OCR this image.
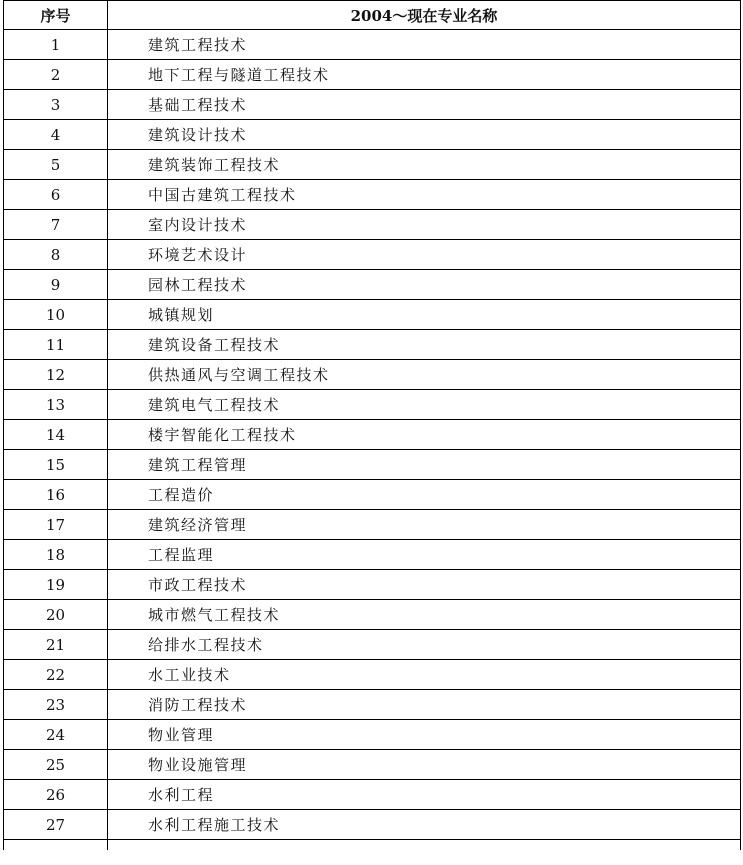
序号	2004～现在专业名称
1	建筑工程技术
2	地下工程与隧道工程技术
3	基础工程技术
4	建筑设计技术
5	建筑装饰工程技术
6	中国古建筑工程技术
7	室内设计技术
8	环境艺术设计
9	园林工程技术
10	城镇规划
11	建筑设备工程技术
12	供热通风与空调工程技术
13	建筑电气工程技术
14	楼宇智能化工程技术
15	建筑工程管理
16	工程造价
17	建筑经济管理
18	工程监理
19	市政工程技术
20	城市燃气工程技术
21	给排水工程技术
22	水工业技术
23	消防工程技术
24	物业管理
25	物业设施管理
26	水利工程
27	水利工程施工技术
